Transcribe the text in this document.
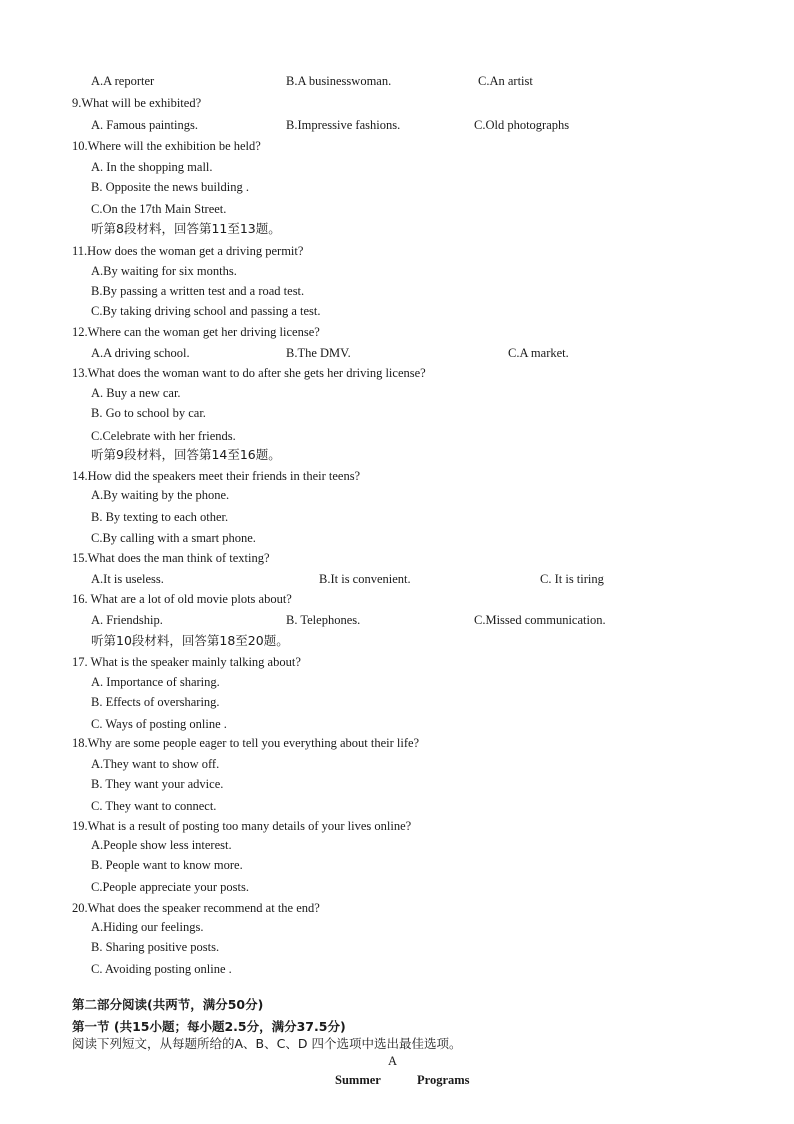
A.A reporter	B.A businesswoman.	C.An artist
9.What will be exhibited?
A. Famous paintings.	B.Impressive fashions.	C.Old photographs
10.Where will the exhibition be held?
A. In the shopping mall.
B. Opposite the news building .
C.On the 17th Main Street.
听第8段材料，回答第11至13题。
11.How does the woman get a driving permit?
A.By waiting for six months.
B.By passing a written test and a road test.
C.By taking driving school and passing a test.
12.Where can the woman get her driving license?
A.A driving school.	B.The DMV.	C.A market.
13.What does the woman want to do after she gets her driving license?
A. Buy a new car.
B. Go to school by car.
C.Celebrate with her friends.
听第9段材料，回答第14至16题。
14.How did the speakers meet their friends in their teens?
A.By waiting by the phone.
B. By texting to each other.
C.By calling with a smart phone.
15.What does the man think of texting?
A.It is useless.	B.It is convenient.	C. It is tiring
16. What are a lot of old movie plots about?
A. Friendship.	B. Telephones.	C.Missed communication.
听第10段材料，回答第18至20题。
17. What is the speaker mainly talking about?
A. Importance of sharing.
B. Effects of oversharing.
C. Ways of posting online .
18.Why are some people eager to tell you everything about their life?
A.They want to show off.
B. They want your advice.
C. They want to connect.
19.What is a result of posting too many details of your lives online?
A.People show less interest.
B. People want to know more.
C.People appreciate your posts.
20.What does the speaker recommend at the end?
A.Hiding our feelings.
B. Sharing positive posts.
C. Avoiding posting online .
第二部分阅读(共两节，满分50分)
第一节 (共15小题；每小题2.5分，满分37.5分)
阅读下列短文，从每题所给的A、B、C、D 四个选项中选出最佳选项。
A
Summer	Programs
